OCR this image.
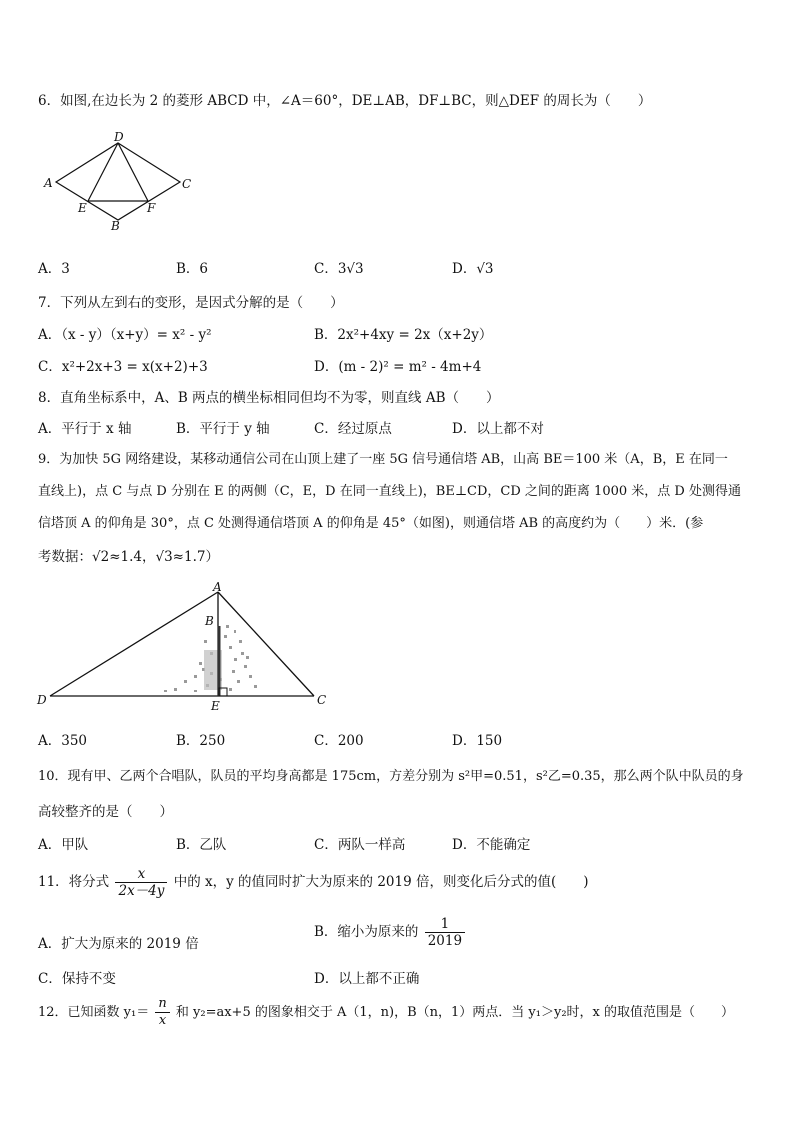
6．如图,在边长为 2 的菱形 ABCD 中，∠A＝60°，DE⊥AB，DF⊥BC，则△DEF 的周长为（　　）
D
A	C
E	F
B
A．3	B．6	C．3√3	D．√3
7．下列从左到右的变形，是因式分解的是（　　）
A．（x - y）（x+y）= x² - y²	B．2x²+4xy = 2x（x+2y）
C．x²+2x+3 = x(x+2)+3	D．(m - 2)² = m² - 4m+4
8．直角坐标系中，A、B 两点的横坐标相同但均不为零，则直线 AB（　　）
A．平行于 x 轴	B．平行于 y 轴	C．经过原点	D．以上都不对
9．为加快 5G 网络建设，某移动通信公司在山顶上建了一座 5G 信号通信塔 AB，山高 BE＝100 米（A，B，E 在同一
直线上)，点 C 与点 D 分别在 E 的两侧（C，E，D 在同一直线上)，BE⊥CD，CD 之间的距离 1000 米，点 D 处测得通
信塔顶 A 的仰角是 30°，点 C 处测得通信塔顶 A 的仰角是 45°（如图)，则通信塔 AB 的高度约为（　　）米．(参
考数据：√2≈1.4，√3≈1.7）
A
B
D	C
E
A．350	B．250	C．200	D．150
10．现有甲、乙两个合唱队，队员的平均身高都是 175cm，方差分别为 s²甲=0.51，s²乙=0.35，那么两个队中队员的身
高较整齐的是（　　）
A．甲队	B．乙队	C．两队一样高	D．不能确定
11．将分式 $\frac{x}{2x-4y}$ 中的 x，y 的值同时扩大为原来的 2019 倍，则变化后分式的值(　　)
A．扩大为原来的 2019 倍
B．缩小为原来的 $\frac{1}{2019}$
C．保持不变	D．以上都不正确
12．已知函数 $y_1= \frac{n}{x}$ 和 y₂=ax+5 的图象相交于 A（1，n)，B（n，1）两点．当 y₁＞y₂时，x 的取值范围是（　　）
